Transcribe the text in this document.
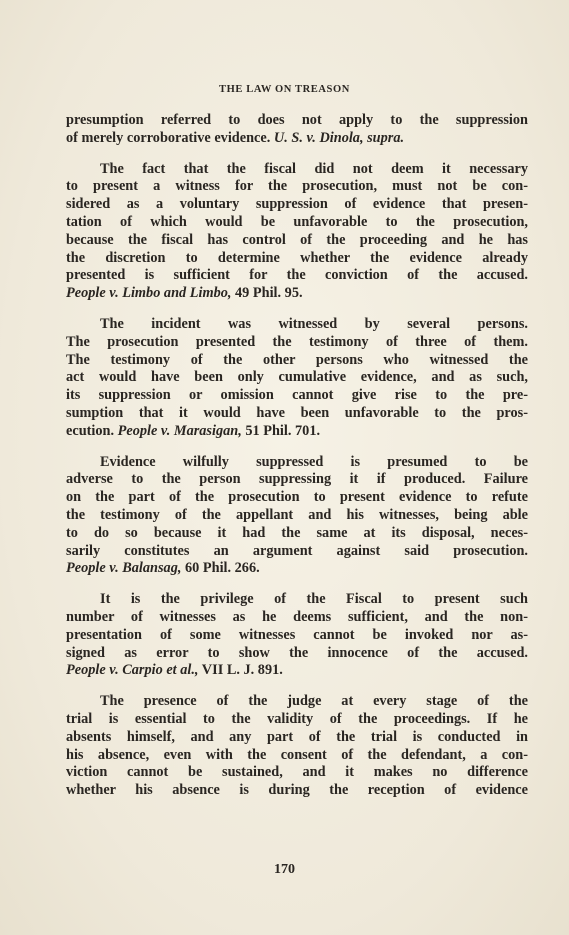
THE LAW ON TREASON
presumption referred to does not apply to the suppression
of merely corroborative evidence. U. S. v. Dinola, supra.
The fact that the fiscal did not deem it necessary
to present a witness for the prosecution, must not be con-
sidered as a voluntary suppression of evidence that presen-
tation of which would be unfavorable to the prosecution,
because the fiscal has control of the proceeding and he has
the discretion to determine whether the evidence already
presented is sufficient for the conviction of the accused.
People v. Limbo and Limbo, 49 Phil. 95.
The incident was witnessed by several persons.
The prosecution presented the testimony of three of them.
The testimony of the other persons who witnessed the
act would have been only cumulative evidence, and as such,
its suppression or omission cannot give rise to the pre-
sumption that it would have been unfavorable to the pros-
ecution. People v. Marasigan, 51 Phil. 701.
Evidence wilfully suppressed is presumed to be
adverse to the person suppressing it if produced. Failure
on the part of the prosecution to present evidence to refute
the testimony of the appellant and his witnesses, being able
to do so because it had the same at its disposal, neces-
sarily constitutes an argument against said prosecution.
People v. Balansag, 60 Phil. 266.
It is the privilege of the Fiscal to present such
number of witnesses as he deems sufficient, and the non-
presentation of some witnesses cannot be invoked nor as-
signed as error to show the innocence of the accused.
People v. Carpio et al., VII L. J. 891.
The presence of the judge at every stage of the
trial is essential to the validity of the proceedings. If he
absents himself, and any part of the trial is conducted in
his absence, even with the consent of the defendant, a con-
viction cannot be sustained, and it makes no difference
whether his absence is during the reception of evidence
170
